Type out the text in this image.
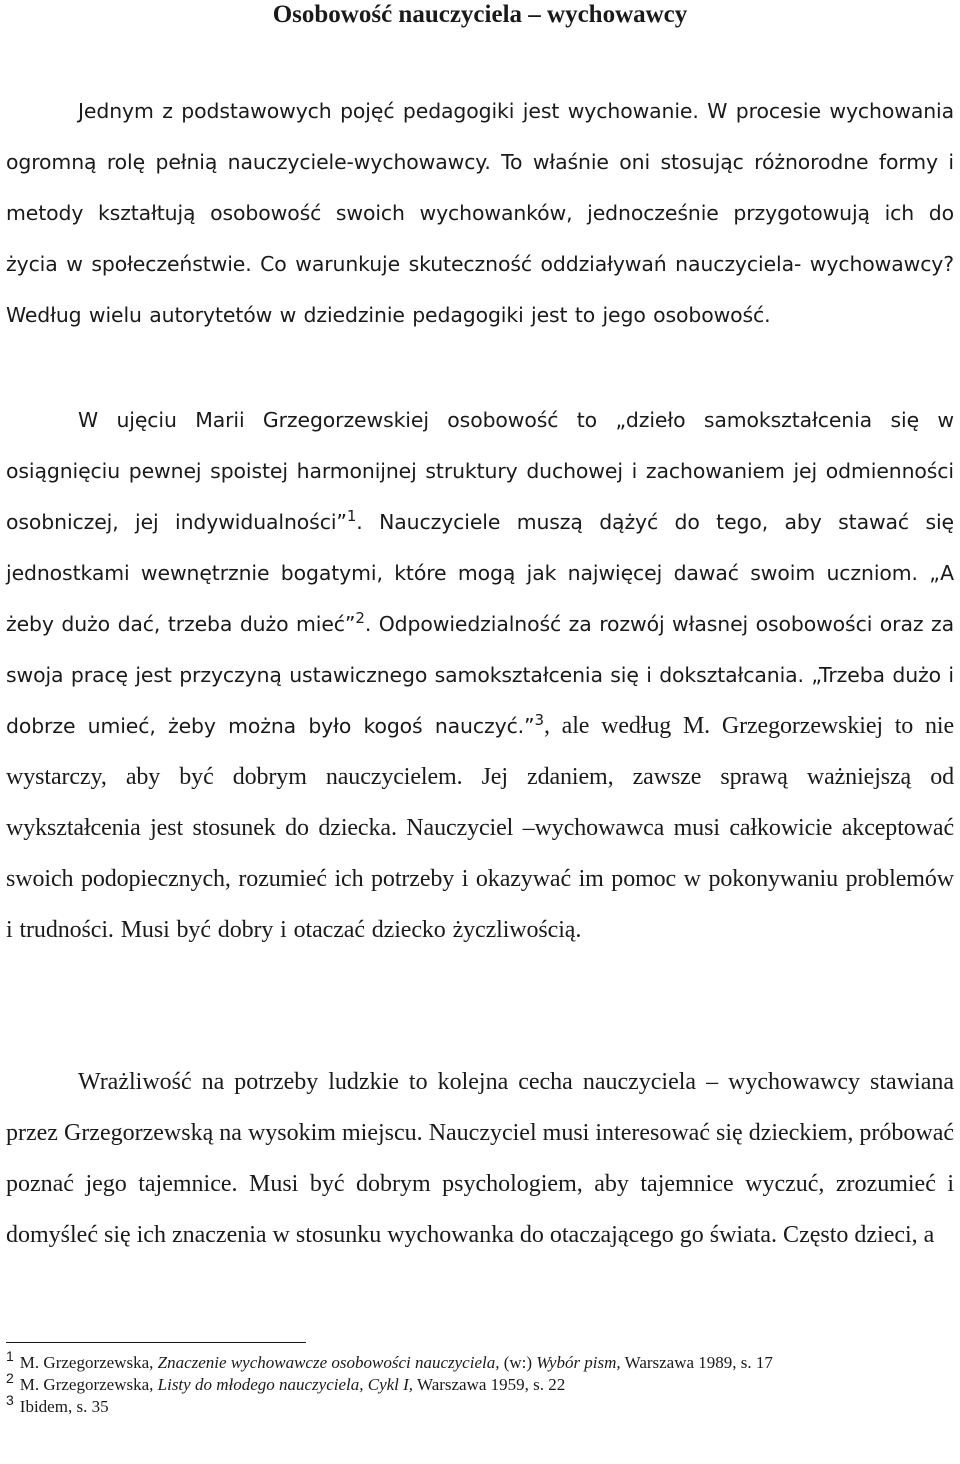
Osobowość nauczyciela – wychowawcy

Jednym z podstawowych pojęć pedagogiki jest wychowanie. W procesie wychowania ogromną rolę pełnią nauczyciele-wychowawcy. To właśnie oni stosując różnorodne formy i metody kształtują osobowość swoich wychowanków, jednocześnie przygotowują ich do życia w społeczeństwie. Co warunkuje skuteczność oddziaływań nauczyciela- wychowawcy? Według wielu autorytetów w dziedzinie pedagogiki jest to jego osobowość.

W ujęciu Marii Grzegorzewskiej osobowość to „dzieło samokształcenia się w osiągnięciu pewnej spoistej harmonijnej struktury duchowej i zachowaniem jej odmienności osobniczej, jej indywidualności”$^1$. Nauczyciele muszą dążyć do tego, aby stawać się jednostkami wewnętrznie bogatymi, które mogą jak najwięcej dawać swoim uczniom. „A żeby dużo dać, trzeba dużo mieć”$^2$. Odpowiedzialność za rozwój własnej osobowości oraz za swoja pracę jest przyczyną ustawicznego samokształcenia się i dokształcania. „Trzeba dużo i dobrze umieć, żeby można było kogoś nauczyć.”$^3$, ale według M. Grzegorzewskiej to nie wystarczy, aby być dobrym nauczycielem. Jej zdaniem, zawsze sprawą ważniejszą od wykształcenia jest stosunek do dziecka. Nauczyciel –wychowawca musi całkowicie akceptować swoich podopiecznych, rozumieć ich potrzeby i okazywać im pomoc w pokonywaniu problemów i trudności. Musi być dobry i otaczać dziecko życzliwością.

Wrażliwość na potrzeby ludzkie to kolejna cecha nauczyciela – wychowawcy stawiana przez Grzegorzewską na wysokim miejscu. Nauczyciel musi interesować się dzieckiem, próbować poznać jego tajemnice. Musi być dobrym psychologiem, aby tajemnice wyczuć, zrozumieć i domyśleć się ich znaczenia w stosunku wychowanka do otaczającego go świata. Często dzieci, a

$^1$ M. Grzegorzewska, Znaczenie wychowawcze osobowości nauczyciela, (w:) Wybór pism, Warszawa 1989, s. 17

$^2$ M. Grzegorzewska, Listy do młodego nauczyciela, Cykl I, Warszawa 1959, s. 22

$^3$ Ibidem, s. 35
